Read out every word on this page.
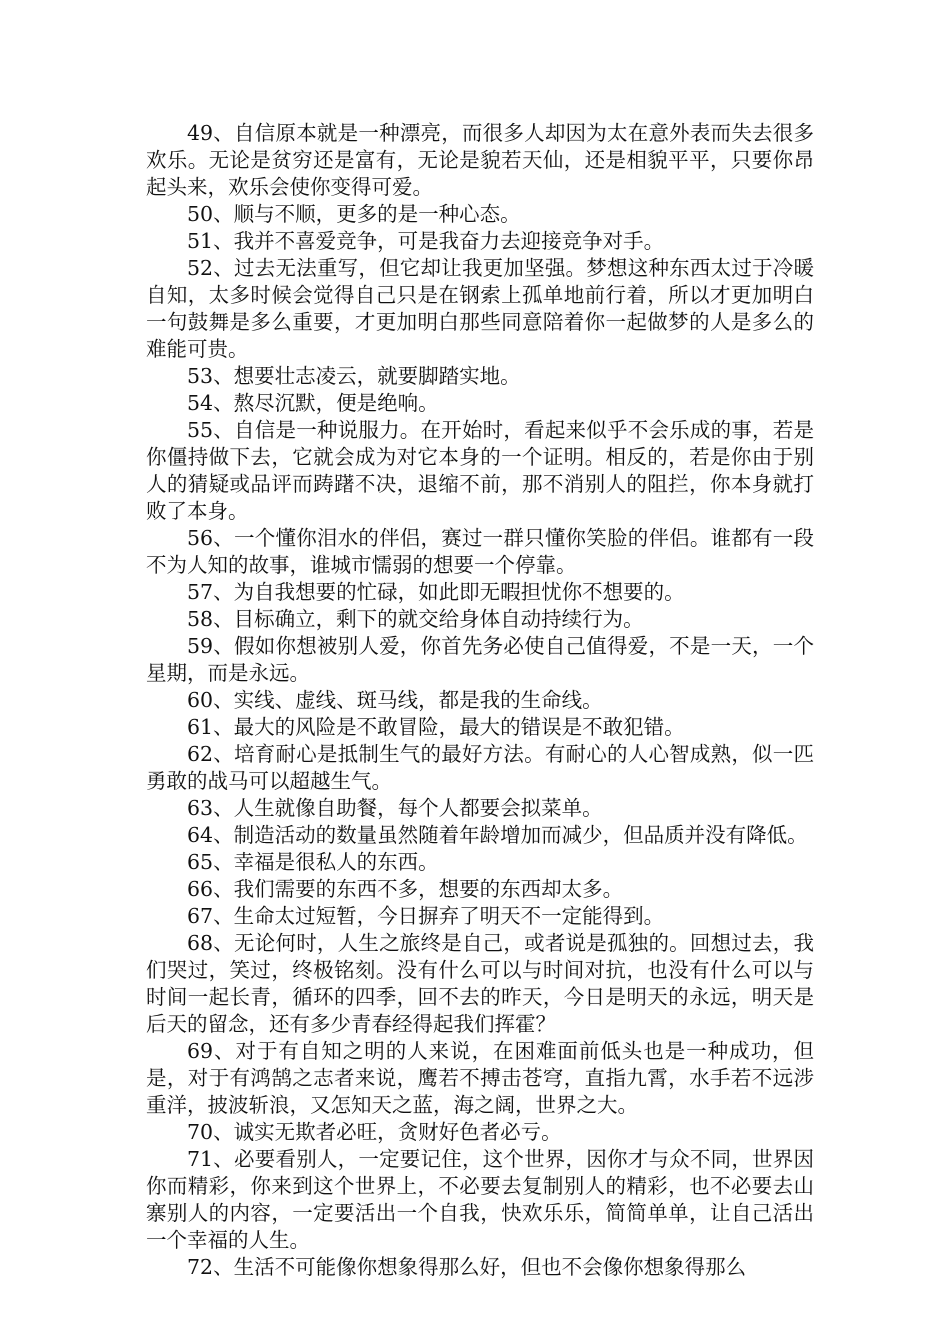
49、自信原本就是一种漂亮，而很多人却因为太在意外表而失去很多欢乐。无论是贫穷还是富有，无论是貌若天仙，还是相貌平平，只要你昂起头来，欢乐会使你变得可爱。

50、顺与不顺，更多的是一种心态。

51、我并不喜爱竞争，可是我奋力去迎接竞争对手。

52、过去无法重写，但它却让我更加坚强。梦想这种东西太过于冷暖自知，太多时候会觉得自己只是在钢索上孤单地前行着，所以才更加明白一句鼓舞是多么重要，才更加明白那些同意陪着你一起做梦的人是多么的难能可贵。

53、想要壮志凌云，就要脚踏实地。

54、熬尽沉默，便是绝响。

55、自信是一种说服力。在开始时，看起来似乎不会乐成的事，若是你僵持做下去，它就会成为对它本身的一个证明。相反的，若是你由于别人的猜疑或品评而踌躇不决，退缩不前，那不消别人的阻拦，你本身就打败了本身。

56、一个懂你泪水的伴侣，赛过一群只懂你笑脸的伴侣。谁都有一段不为人知的故事，谁城市懦弱的想要一个停靠。

57、为自我想要的忙碌，如此即无暇担忧你不想要的。

58、目标确立，剩下的就交给身体自动持续行为。

59、假如你想被别人爱，你首先务必使自己值得爱，不是一天，一个星期，而是永远。

60、实线、虚线、斑马线，都是我的生命线。

61、最大的风险是不敢冒险，最大的错误是不敢犯错。

62、培育耐心是抵制生气的最好方法。有耐心的人心智成熟，似一匹勇敢的战马可以超越生气。

63、人生就像自助餐，每个人都要会拟菜单。

64、制造活动的数量虽然随着年龄增加而减少，但品质并没有降低。

65、幸福是很私人的东西。

66、我们需要的东西不多，想要的东西却太多。

67、生命太过短暂，今日摒弃了明天不一定能得到。

68、无论何时，人生之旅终是自己，或者说是孤独的。回想过去，我们哭过，笑过，终极铭刻。没有什么可以与时间对抗，也没有什么可以与时间一起长青，循环的四季，回不去的昨天，今日是明天的永远，明天是后天的留念，还有多少青春经得起我们挥霍？

69、对于有自知之明的人来说，在困难面前低头也是一种成功，但是，对于有鸿鹄之志者来说，鹰若不搏击苍穹，直指九霄，水手若不远涉重洋，披波斩浪，又怎知天之蓝，海之阔，世界之大。

70、诚实无欺者必旺，贪财好色者必亏。

71、必要看别人，一定要记住，这个世界，因你才与众不同，世界因你而精彩，你来到这个世界上，不必要去复制别人的精彩，也不必要去山寨别人的内容，一定要活出一个自我，快欢乐乐，简简单单，让自己活出一个幸福的人生。

72、生活不可能像你想象得那么好，但也不会像你想象得那么
